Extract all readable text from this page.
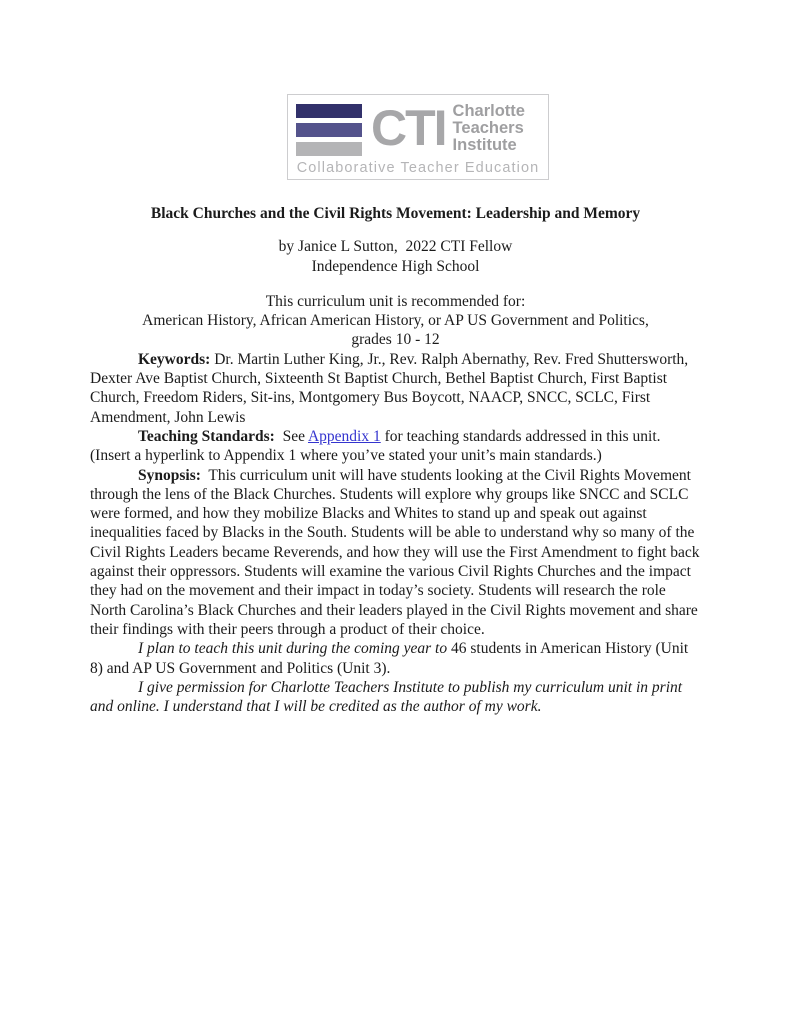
CTI Charlotte
Teachers
Institute
Collaborative Teacher Education
Black Churches and the Civil Rights Movement: Leadership and Memory
by Janice L Sutton,  2022 CTI Fellow
Independence High School
This curriculum unit is recommended for:
American History, African American History, or AP US Government and Politics,
grades 10 - 12

Keywords: Dr. Martin Luther King, Jr., Rev. Ralph Abernathy, Rev. Fred Shuttersworth, Dexter Ave Baptist Church, Sixteenth St Baptist Church, Bethel Baptist Church, First Baptist Church, Freedom Riders, Sit-ins, Montgomery Bus Boycott, NAACP, SNCC, SCLC, First Amendment, John Lewis

Teaching Standards:  See Appendix 1 for teaching standards addressed in this unit. (Insert a hyperlink to Appendix 1 where you’ve stated your unit’s main standards.)

Synopsis:  This curriculum unit will have students looking at the Civil Rights Movement through the lens of the Black Churches. Students will explore why groups like SNCC and SCLC were formed, and how they mobilize Blacks and Whites to stand up and speak out against inequalities faced by Blacks in the South. Students will be able to understand why so many of the Civil Rights Leaders became Reverends, and how they will use the First Amendment to fight back against their oppressors. Students will examine the various Civil Rights Churches and the impact they had on the movement and their impact in today’s society. Students will research the role North Carolina’s Black Churches and their leaders played in the Civil Rights movement and share their findings with their peers through a product of their choice.

I plan to teach this unit during the coming year to 46 students in American History (Unit 8) and AP US Government and Politics (Unit 3).

I give permission for Charlotte Teachers Institute to publish my curriculum unit in print and online. I understand that I will be credited as the author of my work.
